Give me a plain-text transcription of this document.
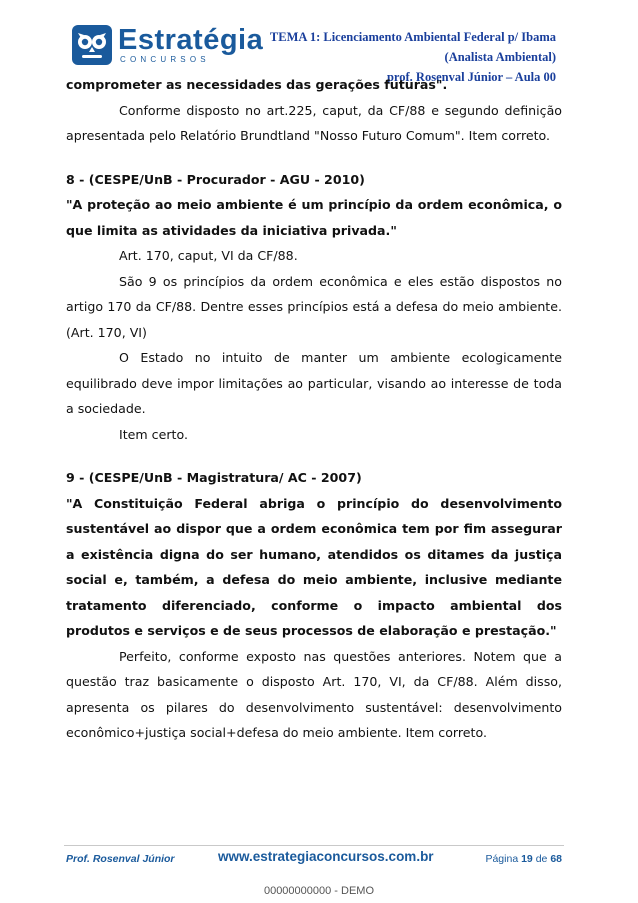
Estratégia
CONCURSOS
TEMA 1: Licenciamento Ambiental Federal p/ Ibama
(Analista Ambiental)
prof. Rosenval Júnior – Aula 00

comprometer as necessidades das gerações futuras".

Conforme disposto no art.225, caput, da CF/88 e segundo definição apresentada pelo Relatório Brundtland "Nosso Futuro Comum". Item correto.

8 - (CESPE/UnB - Procurador - AGU - 2010)

"A proteção ao meio ambiente é um princípio da ordem econômica, o que limita as atividades da iniciativa privada."

Art. 170, caput, VI da CF/88.

São 9 os princípios da ordem econômica e eles estão dispostos no artigo 170 da CF/88. Dentre esses princípios está a defesa do meio ambiente. (Art. 170, VI)

O Estado no intuito de manter um ambiente ecologicamente equilibrado deve impor limitações ao particular, visando ao interesse de toda a sociedade.

Item certo.

9 - (CESPE/UnB - Magistratura/ AC - 2007)

"A Constituição Federal abriga o princípio do desenvolvimento sustentável ao dispor que a ordem econômica tem por fim assegurar a existência digna do ser humano, atendidos os ditames da justiça social e, também, a defesa do meio ambiente, inclusive mediante tratamento diferenciado, conforme o impacto ambiental dos produtos e serviços e de seus processos de elaboração e prestação."

Perfeito, conforme exposto nas questões anteriores. Notem que a questão traz basicamente o disposto Art. 170, VI, da CF/88. Além disso, apresenta os pilares do desenvolvimento sustentável: desenvolvimento econômico+justiça social+defesa do meio ambiente. Item correto.

Prof. Rosenval Júnior	www.estrategiaconcursos.com.br	Página 19 de 68
00000000000 - DEMO
